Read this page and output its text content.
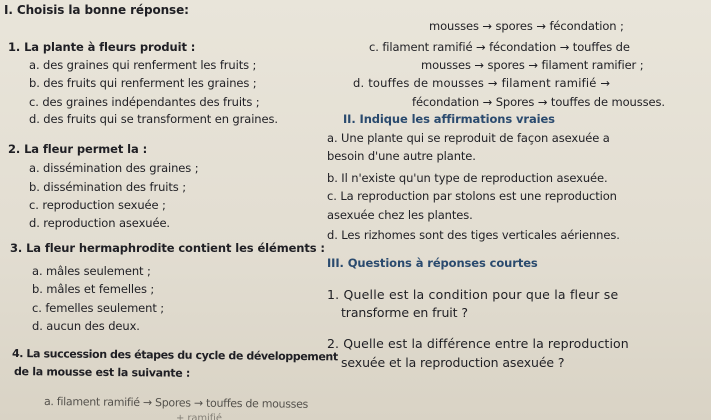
I. Choisis la bonne réponse:
1. La plante à fleurs produit :
a. des graines qui renferment les fruits ;
b. des fruits qui renferment les graines ;
c. des graines indépendantes des fruits ;
d. des fruits qui se transforment en graines.
2. La fleur permet la :
a. dissémination des graines ;
b. dissémination des fruits ;
c. reproduction sexuée ;
d. reproduction asexuée.
3. La fleur hermaphrodite contient les éléments :
a. mâles seulement ;
b. mâles et femelles ;
c. femelles seulement ;
d. aucun des deux.
4. La succession des étapes du cycle de développement
de la mousse est la suivante :
a. filament ramifié → Spores → touffes de mousses
+ ramifié
mousses → spores → fécondation ;
c. filament ramifié → fécondation → touffes de
mousses → spores → filament ramifier ;
d. touffes de mousses → filament ramifié →
fécondation → Spores → touffes de mousses.
II. Indique les affirmations vraies
a. Une plante qui se reproduit de façon asexuée a
besoin d'une autre plante.
b. Il n'existe qu'un type de reproduction asexuée.
c. La reproduction par stolons est une reproduction
asexuée chez les plantes.
d. Les rizhomes sont des tiges verticales aériennes.
III. Questions à réponses courtes
1. Quelle est la condition pour que la fleur se
transforme en fruit ?
2. Quelle est la différence entre la reproduction
sexuée et la reproduction asexuée ?
